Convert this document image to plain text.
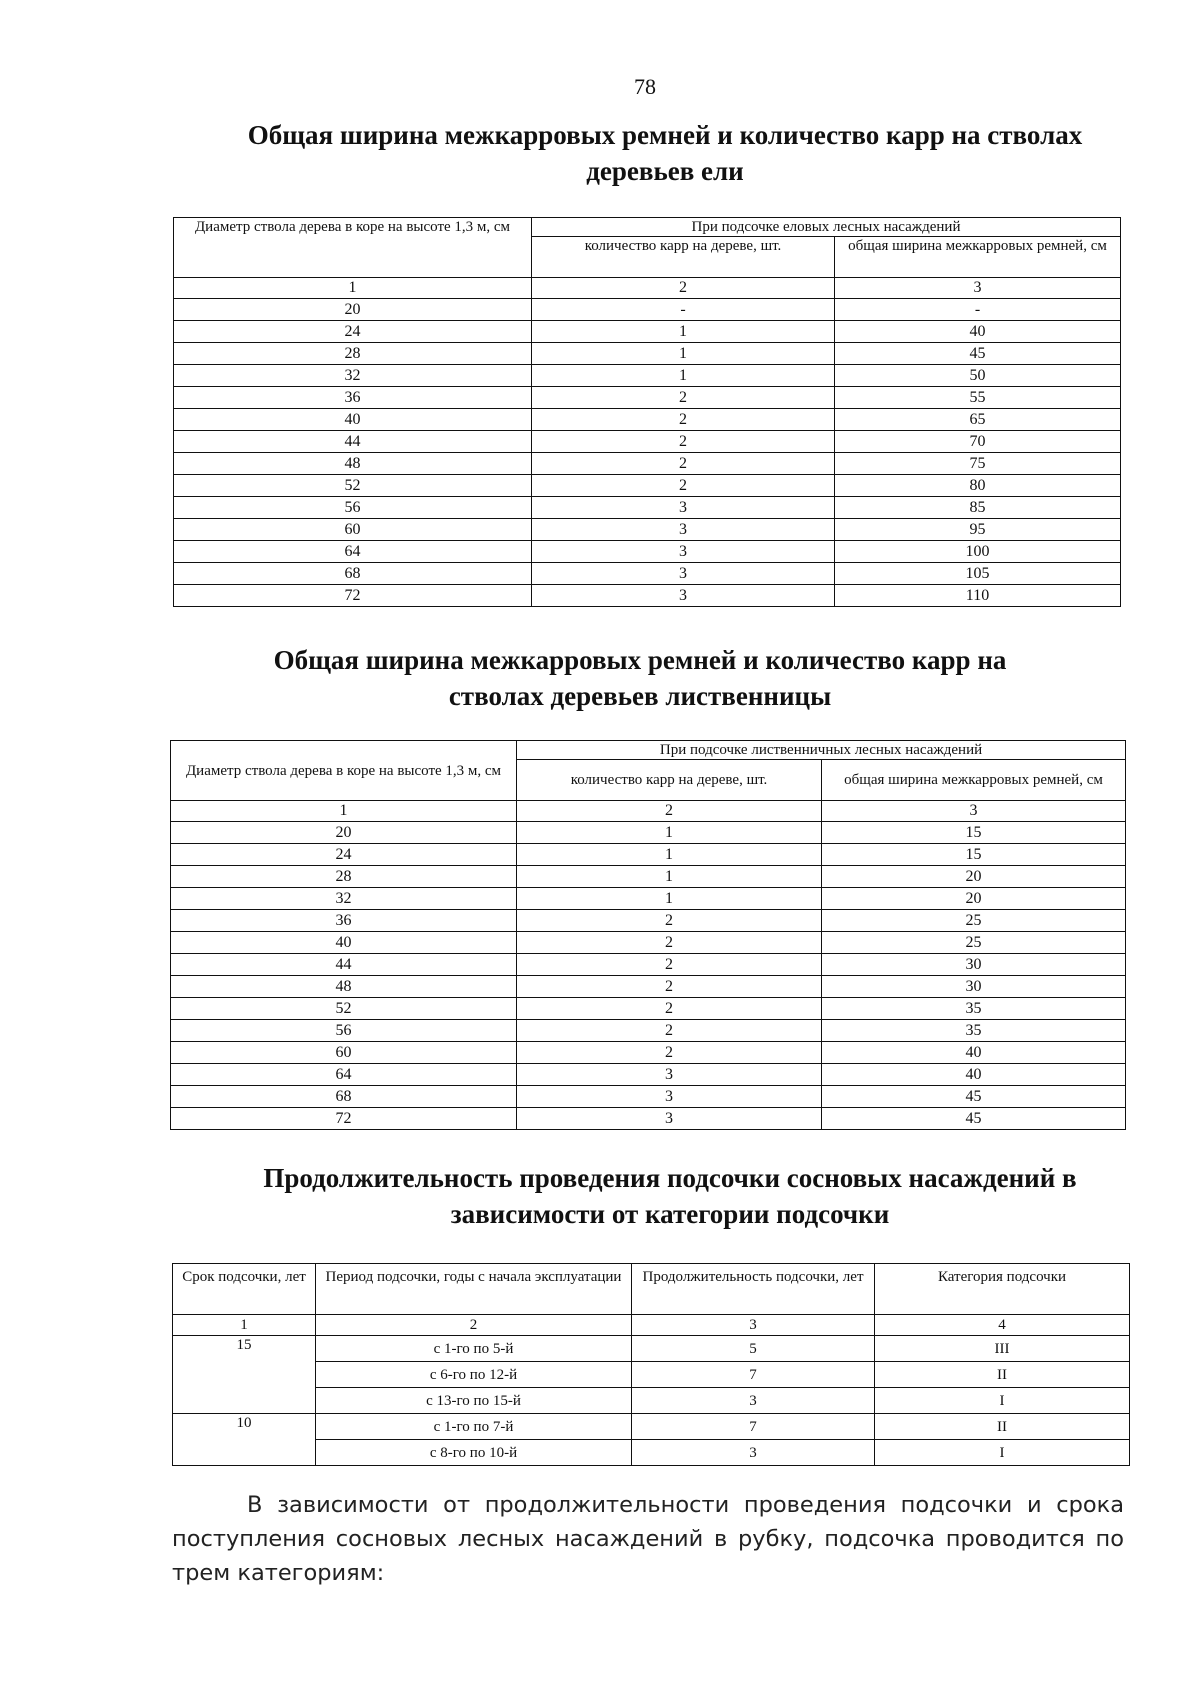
78
Общая ширина межкарровых ремней и количество карр на стволах деревьев ели
Диаметр ствола дерева в коре на высоте 1,3 м, см	При подсочке еловых лесных насаждений	
	количество карр на дереве, шт.	общая ширина межкарровых ремней, см
1	2	3
20	-	-
24	1	40
28	1	45
32	1	50
36	2	55
40	2	65
44	2	70
48	2	75
52	2	80
56	3	85
60	3	95
64	3	100
68	3	105
72	3	110
Общая ширина межкарровых ремней и количество карр на стволах деревьев лиственницы
Диаметр ствола дерева в коре на высоте 1,3 м, см	При подсочке лиственничных лесных насаждений	
	количество карр на дереве, шт.	общая ширина межкарровых ремней, см
1	2	3
20	1	15
24	1	15
28	1	20
32	1	20
36	2	25
40	2	25
44	2	30
48	2	30
52	2	35
56	2	35
60	2	40
64	3	40
68	3	45
72	3	45
Продолжительность проведения подсочки сосновых насаждений в зависимости от категории подсочки
Срок подсочки, лет	Период подсочки, годы с начала эксплуатации	Продолжительность подсочки, лет	Категория подсочки
1	2	3	4
15	с 1-го по 5-й	5	III
	с 6-го по 12-й	7	II
	с 13-го по 15-й	3	I
10	с 1-го по 7-й	7	II
	с 8-го по 10-й	3	I

В зависимости от продолжительности проведения подсочки и срока поступления сосновых лесных насаждений в рубку, подсочка проводится по трем категориям:
